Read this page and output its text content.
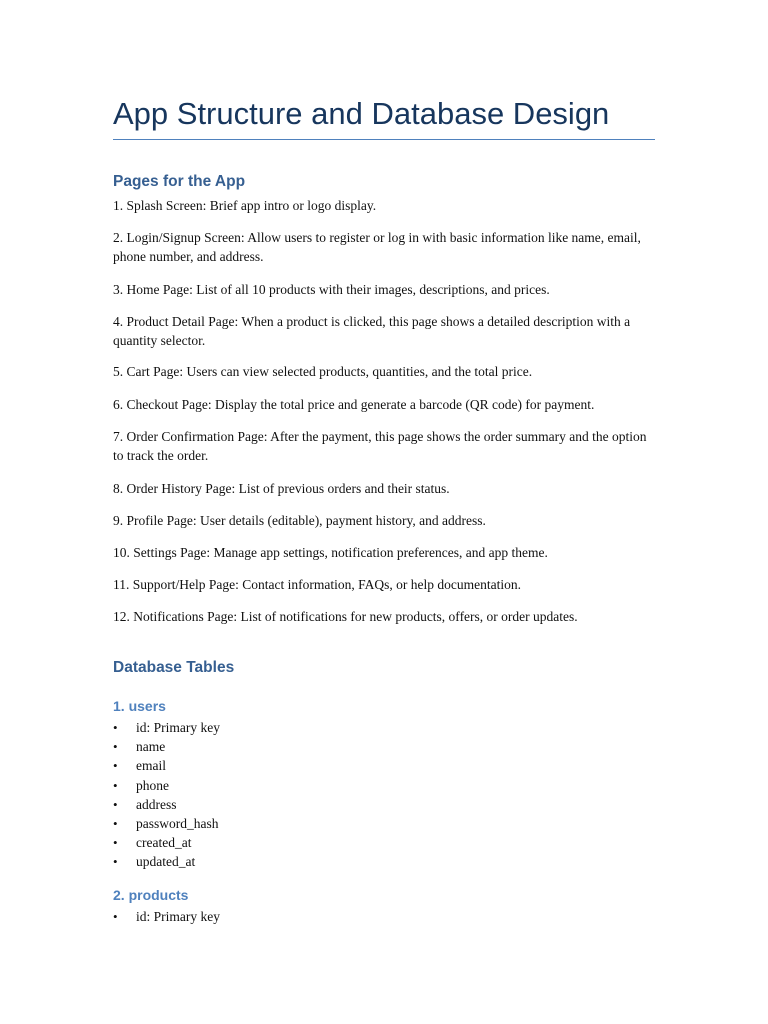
App Structure and Database Design
Pages for the App

1. Splash Screen: Brief app intro or logo display.

2. Login/Signup Screen: Allow users to register or log in with basic information like name, email, phone number, and address.

3. Home Page: List of all 10 products with their images, descriptions, and prices.

4. Product Detail Page: When a product is clicked, this page shows a detailed description with a quantity selector.

5. Cart Page: Users can view selected products, quantities, and the total price.

6. Checkout Page: Display the total price and generate a barcode (QR code) for payment.

7. Order Confirmation Page: After the payment, this page shows the order summary and the option to track the order.

8. Order History Page: List of previous orders and their status.

9. Profile Page: User details (editable), payment history, and address.

10. Settings Page: Manage app settings, notification preferences, and app theme.

11. Support/Help Page: Contact information, FAQs, or help documentation.

12. Notifications Page: List of notifications for new products, offers, or order updates.

Database Tables
1. users
• id: Primary key
• name
• email
• phone
• address
• password_hash
• created_at
• updated_at
2. products
• id: Primary key
